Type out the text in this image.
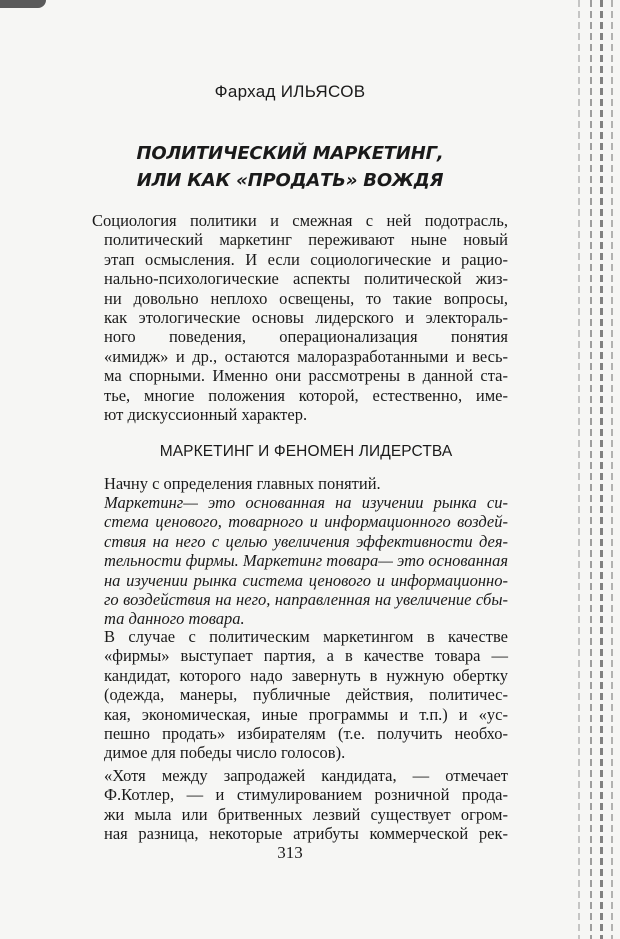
Фархад ИЛЬЯСОВ
ПОЛИТИЧЕСКИЙ МАРКЕТИНГ,
ИЛИ КАК «ПРОДАТЬ» ВОЖДЯ
Социология политики и смежная с ней подотрасль,
политический маркетинг переживают ныне новый
этап осмысления. И если социологические и рацио-
нально-психологические аспекты политической жиз-
ни довольно неплохо освещены, то такие вопросы,
как этологические основы лидерского и электораль-
ного поведения, операционализация понятия
«имидж» и др., остаются малоразработанными и весь-
ма спорными. Именно они рассмотрены в данной ста-
тье, многие положения которой, естественно, име-
ют дискуссионный характер.
МАРКЕТИНГ И ФЕНОМЕН ЛИДЕРСТВА
Начну с определения главных понятий.
Маркетинг— это основанная на изучении рынка си-
стема ценового, товарного и информационного воздей-
ствия на него с целью увеличения эффективности дея-
тельности фирмы. Маркетинг товара— это основанная
на изучении рынка система ценового и информационно-
го воздействия на него, направленная на увеличение сбы-
та данного товара.
В случае с политическим маркетингом в качестве
«фирмы» выступает партия, а в качестве товара —
кандидат, которого надо завернуть в нужную обертку
(одежда, манеры, публичные действия, политичес-
кая, экономическая, иные программы и т.п.) и «ус-
пешно продать» избирателям (т.е. получить необхо-
димое для победы число голосов).
«Хотя между запродажей кандидата, — отмечает
Ф.Котлер, — и стимулированием розничной прода-
жи мыла или бритвенных лезвий существует огром-
ная разница, некоторые атрибуты коммерческой рек-
313
